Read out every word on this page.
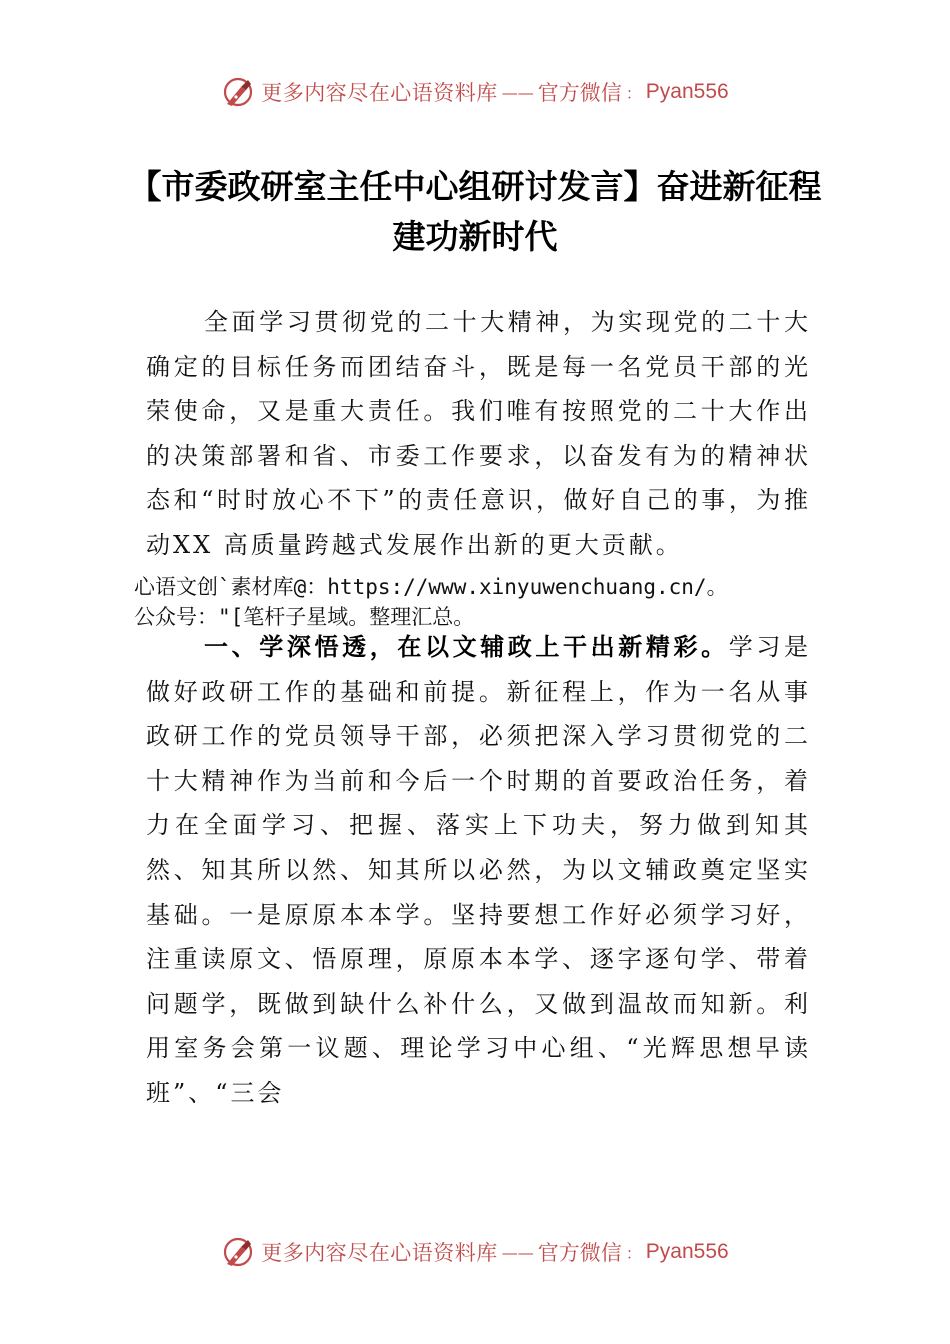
更多内容尽在心语资料库 —— 官方微信 ： Pyan556
【市委政研室主任中心组研讨发言】奋进新征程 建功新时代
全面学习贯彻党的二十大精神，为实现党的二十大确定的目标任务而团结奋斗，既是每一名党员干部的光荣使命，又是重大责任。我们唯有按照党的二十大作出的决策部署和省、市委工作要求，以奋发有为的精神状态和“时时放心不下”的责任意识，做好自己的事，为推动XX 高质量跨越式发展作出新的更大贡献。
心语文创`素材库@：https://www.xinyuwenchuang.cn/。
公众号："[笔杆子星域。整理汇总。
一、学深悟透，在以文辅政上干出新精彩。学习是做好政研工作的基础和前提。新征程上，作为一名从事政研工作的党员领导干部，必须把深入学习贯彻党的二十大精神作为当前和今后一个时期的首要政治任务，着力在全面学习、把握、落实上下功夫，努力做到知其然、知其所以然、知其所以必然，为以文辅政奠定坚实基础。一是原原本本学。坚持要想工作好必须学习好，注重读原文、悟原理，原原本本学、逐字逐句学、带着问题学，既做到缺什么补什么，又做到温故而知新。利用室务会第一议题、理论学习中心组、“光辉思想早读班”、“三会
更多内容尽在心语资料库 —— 官方微信 ： Pyan556
